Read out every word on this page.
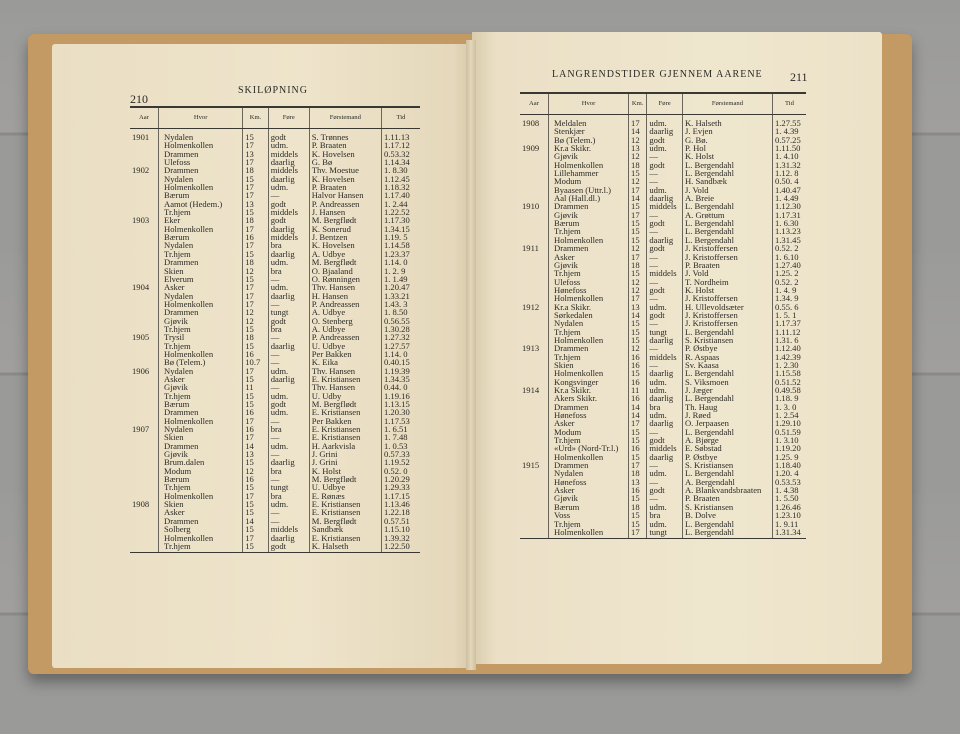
210
SKILØPNING
Aar	Hvor	Km.	Føre	Førstemand	Tid
1901	Nydalen	15	godt	S. Trønnes	1.11.13
	Holmenkollen	17	udm.	P. Braaten	1.17.12
	Drammen	13	middels	K. Hovelsen	0.53.32
	Ulefoss	17	daarlig	G. Bø	1.14.34
1902	Drammen	18	middels	Thv. Moestue	1. 8.30
	Nydalen	15	daarlig	K. Hovelsen	1.12.45
	Holmenkollen	17	udm.	P. Braaten	1.18.32
	Bærum	17	—	Halvor Hansen	1.17.40
	Aamot (Hedem.)	13	godt	P. Andreassen	1. 2.44
	Tr.hjem	15	middels	J. Hansen	1.22.52
1903	Eker	18	godt	M. Bergflødt	1.17.30
	Holmenkollen	17	daarlig	K. Sonerud	1.34.15
	Bærum	16	middels	J. Bentzen	1.19. 5
	Nydalen	17	bra	K. Hovelsen	1.14.58
	Tr.hjem	15	daarlig	A. Udbye	1.23.37
	Drammen	18	udm.	M. Bergflødt	1.14. 0
	Skien	12	bra	O. Bjaaland	1. 2. 9
	Elverum	15	—	O. Rønningen	1. 1.49
1904	Asker	17	udm.	Thv. Hansen	1.20.47
	Nydalen	17	daarlig	H. Hansen	1.33.21
	Holmenkollen	17	—	P. Andreassen	1.43. 3
	Drammen	12	tungt	A. Udbye	1. 8.50
	Gjøvik	12	godt	O. Stenberg	0.56.55
	Tr.hjem	15	bra	A. Udbye	1.30.28
1905	Trysil	18	—	P. Andreassen	1.27.32
	Tr.hjem	15	daarlig	U. Udbye	1.27.57
	Holmenkollen	16	—	Per Bakken	1.14. 0
	Bø (Telem.)	10.7	—	K. Eika	0.40.15
1906	Nydalen	17	udm.	Thv. Hansen	1.19.39
	Asker	15	daarlig	E. Kristiansen	1.34.35
	Gjøvik	11	—	Thv. Hansen	0.44. 0
	Tr.hjem	15	udm.	U. Udby	1.19.16
	Bærum	15	godt	M. Bergflødt	1.13.15
	Drammen	16	udm.	E. Kristiansen	1.20.30
	Holmenkollen	17	—	Per Bakken	1.17.53
1907	Nydalen	16	bra	E. Kristiansen	1. 6.51
	Skien	17	—	E. Kristiansen	1. 7.48
	Drammen	14	udm.	H. Aarkvisla	1. 0.53
	Gjøvik	13	—	J. Grini	0.57.33
	Brum.dalen	15	daarlig	J. Grini	1.19.52
	Modum	12	bra	K. Holst	0.52. 0
	Bærum	16	—	M. Bergflødt	1.20.29
	Tr.hjem	15	tungt	U. Udbye	1.29.33
	Holmenkollen	17	bra	E. Rønæs	1.17.15
1908	Skien	15	udm.	E. Kristiansen	1.13.46
	Asker	15	—	E. Kristiansen	1.22.18
	Drammen	14	—	M. Bergflødt	0.57.51
	Solberg	15	middels	Sandbæk	1.15.10
	Holmenkollen	17	daarlig	E. Kristiansen	1.39.32
	Tr.hjem	15	godt	K. Halseth	1.22.50
LANGRENDSTIDER GJENNEM AARENE 211
Aar	Hvor	Km.	Føre	Førstemand	Tid
1908	Meldalen	17	udm.	K. Halseth	1.27.55
	Stenkjær	14	daarlig	J. Evjen	1. 4.39
	Bø (Telem.)	12	godt	G. Bø.	0.57.25
1909	Kr.a Skikr.	13	udm.	P. Hol	1.11.50
	Gjøvik	12	—	K. Holst	1. 4.10
	Holmenkollen	18	godt	L. Bergendahl	1.31.32
	Lillehammer	15	—	L. Bergendahl	1.12. 8
	Modum	12	—	H. Sandbæk	0.50. 4
	Byaasen (Uttr.l.)	17	udm.	J. Vold	1.40.47
	Aal (Hall.dl.)	14	daarlig	A. Breie	1. 4.49
1910	Drammen	15	middels	L. Bergendahl	1.12.30
	Gjøvik	17	—	A. Grøttum	1.17.31
	Bærum	15	godt	L. Bergendahl	1. 6.30
	Tr.hjem	15	—	L. Bergendahl	1.13.23
	Holmenkollen	15	daarlig	L. Bergendahl	1.31.45
1911	Drammen	12	godt	J. Kristoffersen	0.52. 2
	Asker	17	—	J. Kristoffersen	1. 6.10
	Gjøvik	18	—	P. Braaten	1.27.40
	Tr.hjem	15	middels	J. Vold	1.25. 2
	Ulefoss	12	—	T. Nordheim	0.52. 2
	Hønefoss	12	godt	K. Holst	1. 4. 9
	Holmenkollen	17	—	J. Kristoffersen	1.34. 9
1912	Kr.a Skikr.	13	udm.	H. Ullevoldsæter	0.55. 6
	Sørkedalen	14	godt	J. Kristoffersen	1. 5. 1
	Nydalen	15	—	J. Kristoffersen	1.17.37
	Tr.hjem	15	tungt	L. Bergendahl	1.11.12
	Holmenkollen	15	daarlig	S. Kristiansen	1.31. 6
1913	Drammen	12	—	P. Østbye	1.12.40
	Tr.hjem	16	middels	R. Aspaas	1.42.39
	Skien	16	—	Sv. Kaasa	1. 2.30
	Holmenkollen	15	daarlig	L. Bergendahl	1.15.58
	Kongsvinger	16	udm.	S. Viksmoen	0.51.52
1914	Kr.a Skikr.	11	udm.	J. Jæger	0.49.58
	Akers Skikr.	16	daarlig	L. Bergendahl	1.18. 9
	Drammen	14	bra	Th. Haug	1. 3. 0
	Hønefoss	14	udm.	J. Røed	1. 2.54
	Asker	17	daarlig	O. Jerpaasen	1.29.10
	Modum	15	—	L. Bergendahl	0.51.59
	Tr.hjem	15	godt	A. Bjørge	1. 3.10
	«Urd» (Nord-Tr.l.)	16	middels	E. Søbstad	1.19.20
	Holmenkollen	15	daarlig	P. Østbye	1.25. 9
1915	Drammen	17	—	S. Kristiansen	1.18.40
	Nydalen	18	udm.	L. Bergendahl	1.20. 4
	Hønefoss	13	—	A. Bergendahl	0.53.53
	Asker	16	godt	A. Blankvandsbraaten	1. 4.38
	Gjøvik	15	—	P. Braaten	1. 5.50
	Bærum	18	udm.	S. Kristiansen	1.26.46
	Voss	15	bra	B. Dolve	1.23.10
	Tr.hjem	15	udm.	L. Bergendahl	1. 9.11
	Holmenkollen	17	tungt	L. Bergendahl	1.31.34
